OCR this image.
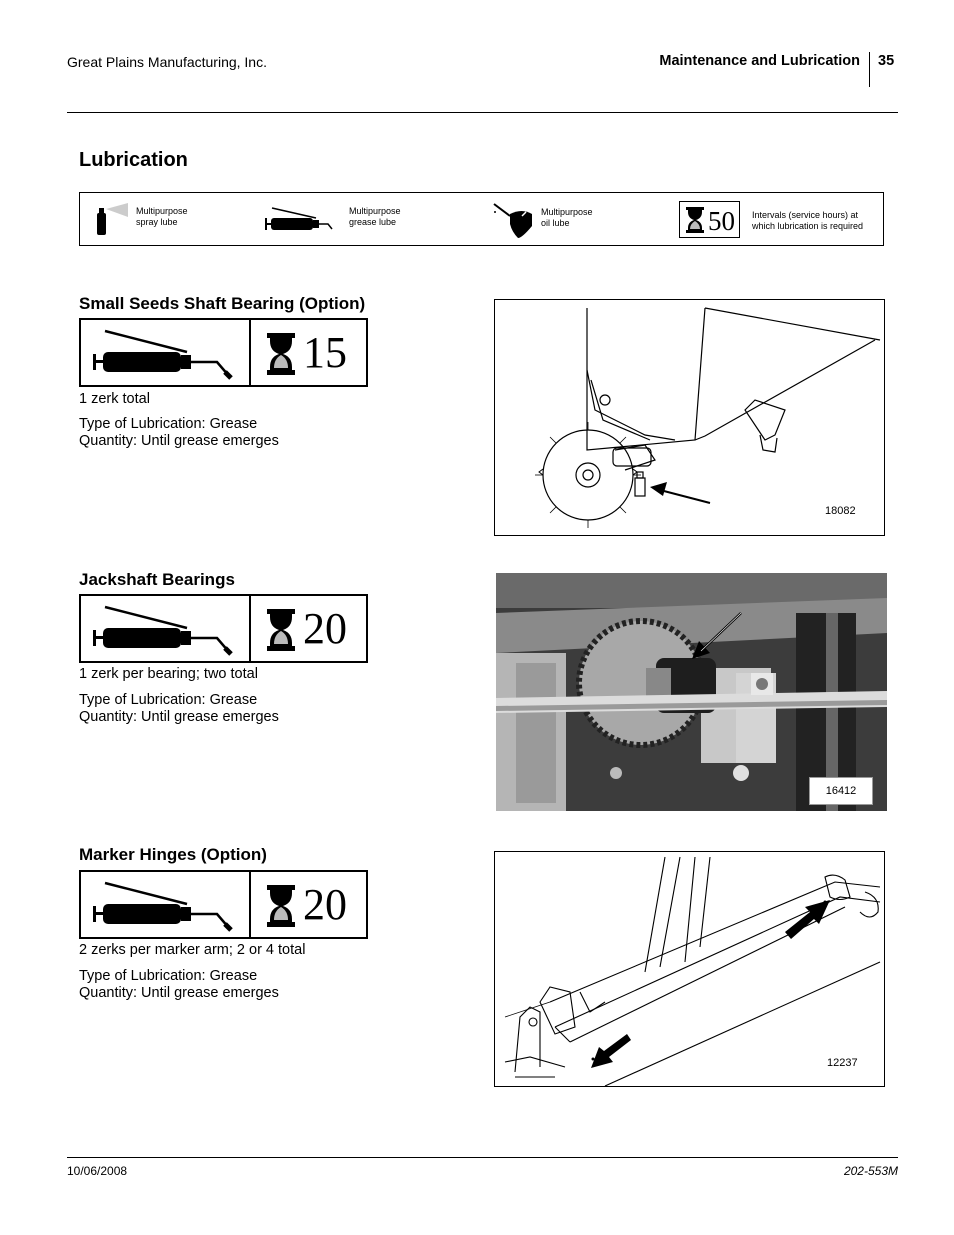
Great Plains Manufacturing, Inc.	Maintenance and Lubrication 35
Lubrication
Multipurpose
spray lube
Multipurpose
grease lube
Multipurpose
oil lube	50 Intervals (service hours) at
which lubrication is required
Small Seeds Shaft Bearing (Option)
15
1 zerk total
Type of Lubrication: Grease
Quantity: Until grease emerges
18082
Jackshaft Bearings
20
1 zerk per bearing; two total
Type of Lubrication: Grease
Quantity: Until grease emerges
16412
Marker Hinges (Option)
20
2 zerks per marker arm; 2 or 4 total
Type of Lubrication: Grease
Quantity: Until grease emerges
12237
10/06/2008	202-553M
